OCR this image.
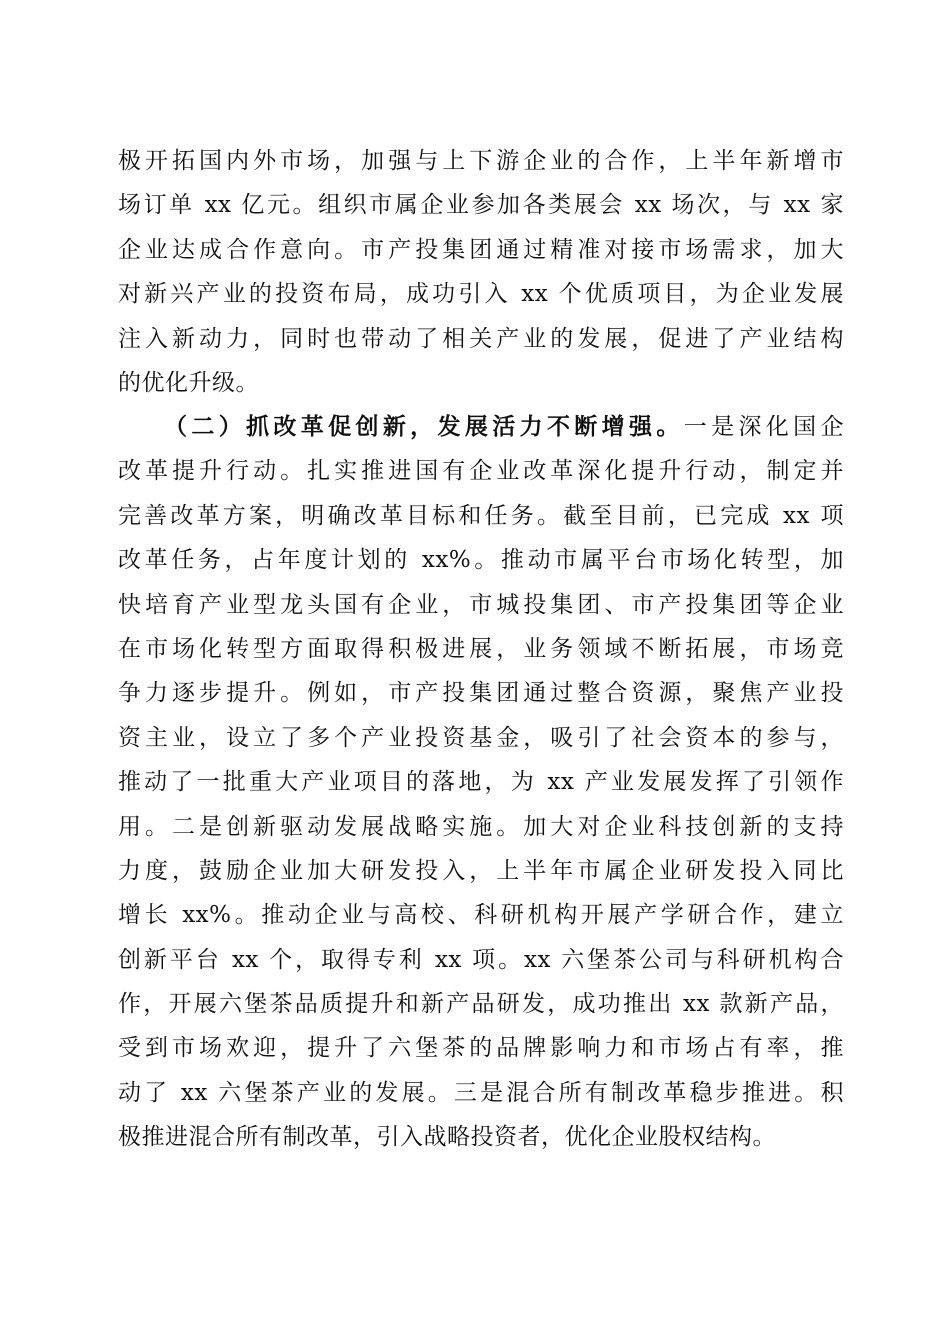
极开拓国内外市场，加强与上下游企业的合作，上半年新增市
场订单 xx 亿元。组织市属企业参加各类展会 xx 场次，与 xx 家
企业达成合作意向。市产投集团通过精准对接市场需求，加大
对新兴产业的投资布局，成功引入 xx 个优质项目，为企业发展
注入新动力，同时也带动了相关产业的发展，促进了产业结构
的优化升级。
（二）抓改革促创新，发展活力不断增强。一是深化国企
改革提升行动。扎实推进国有企业改革深化提升行动，制定并
完善改革方案，明确改革目标和任务。截至目前，已完成 xx 项
改革任务，占年度计划的 xx%。推动市属平台市场化转型，加
快培育产业型龙头国有企业，市城投集团、市产投集团等企业
在市场化转型方面取得积极进展，业务领域不断拓展，市场竞
争力逐步提升。例如，市产投集团通过整合资源，聚焦产业投
资主业，设立了多个产业投资基金，吸引了社会资本的参与，
推动了一批重大产业项目的落地，为 xx 产业发展发挥了引领作
用。二是创新驱动发展战略实施。加大对企业科技创新的支持
力度，鼓励企业加大研发投入，上半年市属企业研发投入同比
增长 xx%。推动企业与高校、科研机构开展产学研合作，建立
创新平台 xx 个，取得专利 xx 项。xx 六堡茶公司与科研机构合
作，开展六堡茶品质提升和新产品研发，成功推出 xx 款新产品，
受到市场欢迎，提升了六堡茶的品牌影响力和市场占有率，推
动了 xx 六堡茶产业的发展。三是混合所有制改革稳步推进。积
极推进混合所有制改革，引入战略投资者，优化企业股权结构。
